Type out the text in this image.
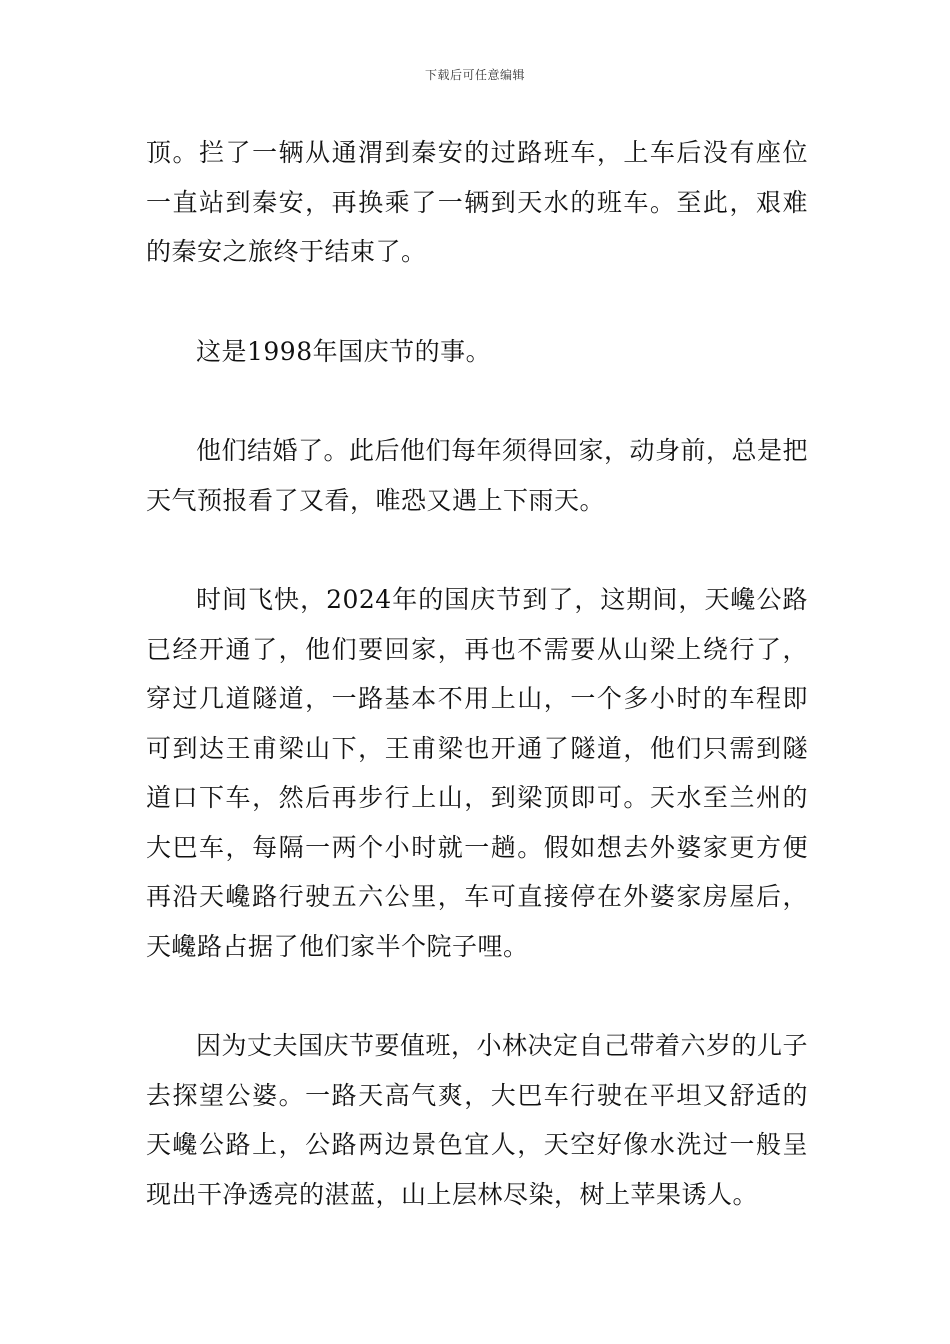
下载后可任意编辑

顶。拦了一辆从通渭到秦安的过路班车，上车后没有座位一直站到秦安，再换乘了一辆到天水的班车。至此，艰难的秦安之旅终于结束了。

这是1998年国庆节的事。

他们结婚了。此后他们每年须得回家，动身前，总是把天气预报看了又看，唯恐又遇上下雨天。

时间飞快，2024年的国庆节到了，这期间，天巉公路已经开通了，他们要回家，再也不需要从山梁上绕行了，穿过几道隧道，一路基本不用上山，一个多小时的车程即可到达王甫梁山下，王甫梁也开通了隧道，他们只需到隧道口下车，然后再步行上山，到梁顶即可。天水至兰州的大巴车，每隔一两个小时就一趟。假如想去外婆家更方便再沿天巉路行驶五六公里，车可直接停在外婆家房屋后，天巉路占据了他们家半个院子哩。

因为丈夫国庆节要值班，小林决定自己带着六岁的儿子去探望公婆。一路天高气爽，大巴车行驶在平坦又舒适的天巉公路上，公路两边景色宜人，天空好像水洗过一般呈现出干净透亮的湛蓝，山上层林尽染，树上苹果诱人。
